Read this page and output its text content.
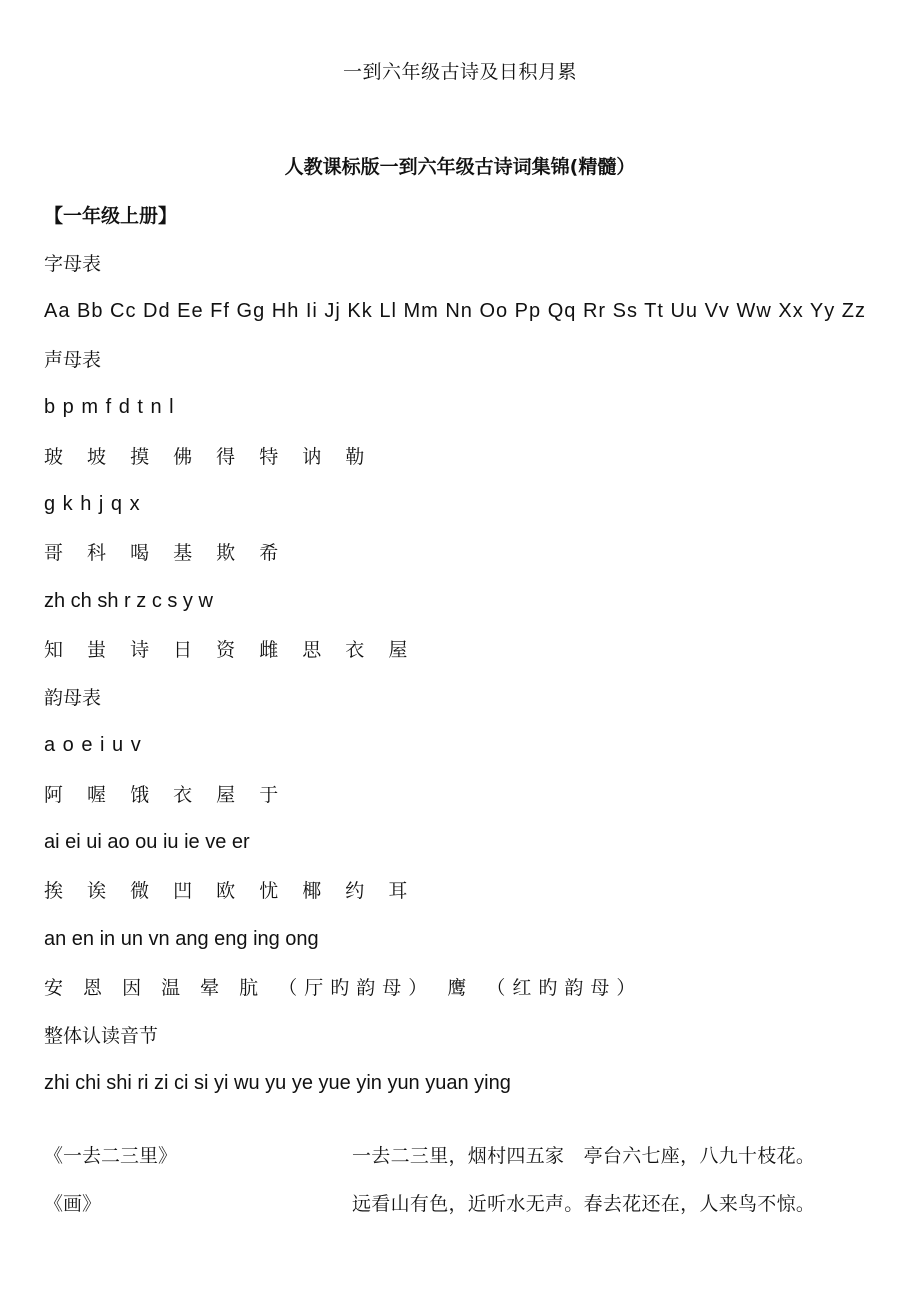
一到六年级古诗及日积月累
人教课标版一到六年级古诗词集锦(精髓）
【一年级上册】
字母表
Aa Bb Cc Dd Ee Ff Gg Hh Ii Jj Kk Ll Mm Nn Oo Pp Qq Rr Ss Tt Uu Vv Ww Xx Yy Zz
声母表
b p m f d t n l
玻 坡 摸 佛 得 特 讷 勒
g k h j q x
哥 科 喝 基 欺 希
zh ch sh r z c s y w
知 蚩 诗 日 资 雌 思 衣 屋
韵母表
a o e i u v
阿 喔 饿 衣 屋 于
ai ei ui ao ou iu ie ve er
挨 诶 微 凹 欧 忧 椰 约 耳
an en in un vn ang eng ing ong
安 恩 因 温 晕 肮 （厅旳韵母） 鹰 （红旳韵母）
整体认读音节
zhi chi shi ri zi ci si yi wu yu ye yue yin yun yuan ying
《一去二三里》	一去二三里，烟村四五家　亭台六七座，八九十枝花。
《画》	远看山有色，近听水无声。春去花还在，人来鸟不惊。
